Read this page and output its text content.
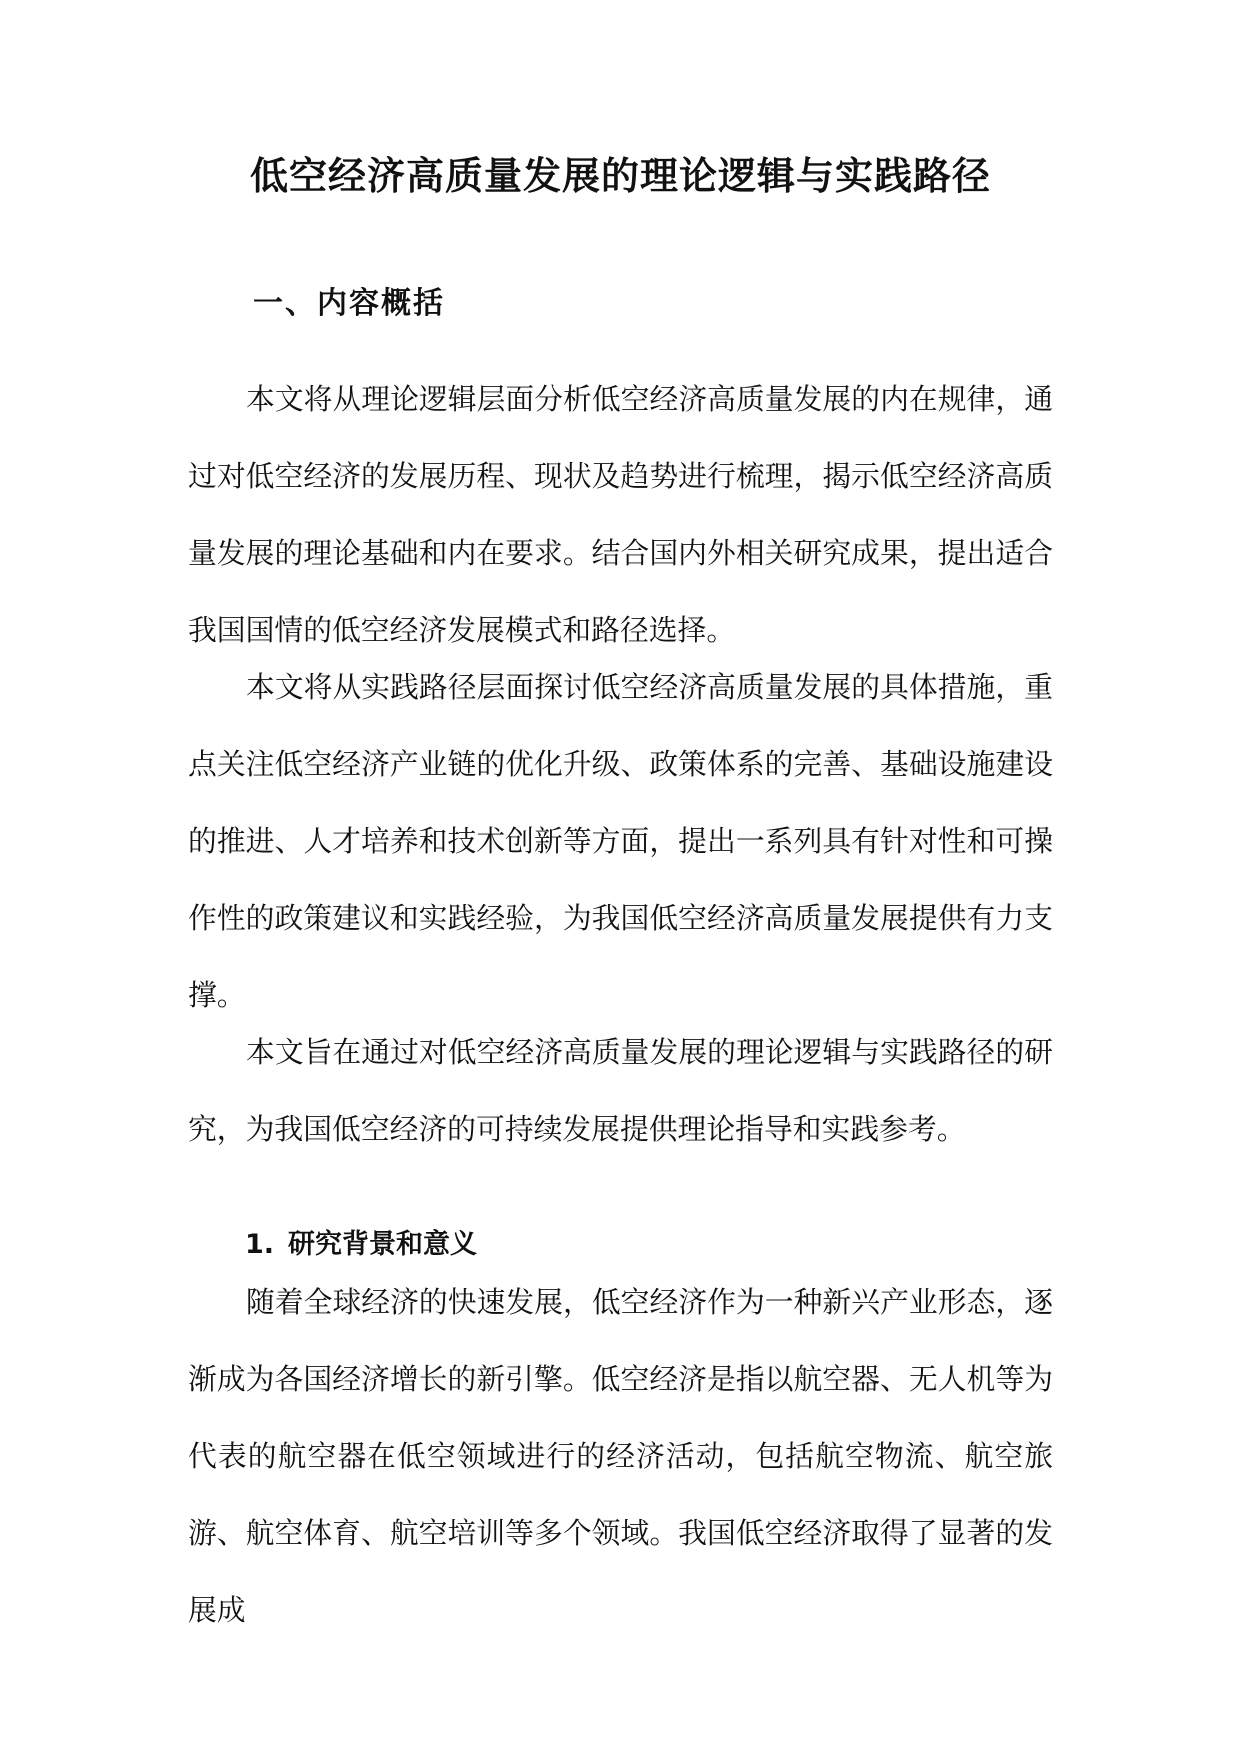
低空经济高质量发展的理论逻辑与实践路径
一、内容概括

本文将从理论逻辑层面分析低空经济高质量发展的内在规律，通过对低空经济的发展历程、现状及趋势进行梳理，揭示低空经济高质量发展的理论基础和内在要求。结合国内外相关研究成果，提出适合我国国情的低空经济发展模式和路径选择。

本文将从实践路径层面探讨低空经济高质量发展的具体措施，重点关注低空经济产业链的优化升级、政策体系的完善、基础设施建设的推进、人才培养和技术创新等方面，提出一系列具有针对性和可操作性的政策建议和实践经验，为我国低空经济高质量发展提供有力支撑。

本文旨在通过对低空经济高质量发展的理论逻辑与实践路径的研究，为我国低空经济的可持续发展提供理论指导和实践参考。

1. 研究背景和意义

随着全球经济的快速发展，低空经济作为一种新兴产业形态，逐渐成为各国经济增长的新引擎。低空经济是指以航空器、无人机等为代表的航空器在低空领域进行的经济活动，包括航空物流、航空旅游、航空体育、航空培训等多个领域。我国低空经济取得了显著的发展成
